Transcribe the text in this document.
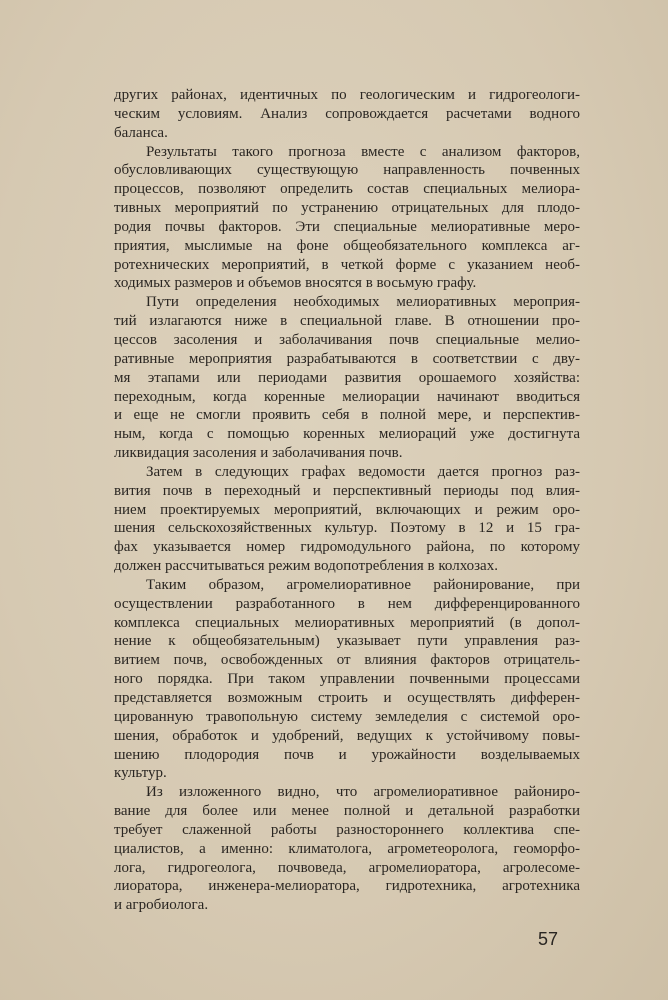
других районах, идентичных по геологическим и гидрогеологи-
ческим условиям. Анализ сопровождается расчетами водного
баланса.
Результаты такого прогноза вместе с анализом факторов,
обусловливающих существующую направленность почвенных
процессов, позволяют определить состав специальных мелиора-
тивных мероприятий по устранению отрицательных для плодо-
родия почвы факторов. Эти специальные мелиоративные меро-
приятия, мыслимые на фоне общеобязательного комплекса аг-
ротехнических мероприятий, в четкой форме с указанием необ-
ходимых размеров и объемов вносятся в восьмую графу.
Пути определения необходимых мелиоративных мероприя-
тий излагаются ниже в специальной главе. В отношении про-
цессов засоления и заболачивания почв специальные мелио-
ративные мероприятия разрабатываются в соответствии с дву-
мя этапами или периодами развития орошаемого хозяйства:
переходным, когда коренные мелиорации начинают вводиться
и еще не смогли проявить себя в полной мере, и перспектив-
ным, когда с помощью коренных мелиораций уже достигнута
ликвидация засоления и заболачивания почв.
Затем в следующих графах ведомости дается прогноз раз-
вития почв в переходный и перспективный периоды под влия-
нием проектируемых мероприятий, включающих и режим оро-
шения сельскохозяйственных культур. Поэтому в 12 и 15 гра-
фах указывается номер гидромодульного района, по которому
должен рассчитываться режим водопотребления в колхозах.
Таким образом, агромелиоративное районирование, при
осуществлении разработанного в нем дифференцированного
комплекса специальных мелиоративных мероприятий (в допол-
нение к общеобязательным) указывает пути управления раз-
витием почв, освобожденных от влияния факторов отрицатель-
ного порядка. При таком управлении почвенными процессами
представляется возможным строить и осуществлять дифферен-
цированную травопольную систему земледелия с системой оро-
шения, обработок и удобрений, ведущих к устойчивому повы-
шению плодородия почв и урожайности возделываемых
культур.
Из изложенного видно, что агромелиоративное райониро-
вание для более или менее полной и детальной разработки
требует слаженной работы разностороннего коллектива спе-
циалистов, а именно: климатолога, агрометеоролога, геоморфо-
лога, гидрогеолога, почвоведа, агромелиоратора, агролесоме-
лиоратора, инженера-мелиоратора, гидротехника, агротехника
и агробиолога.
57
